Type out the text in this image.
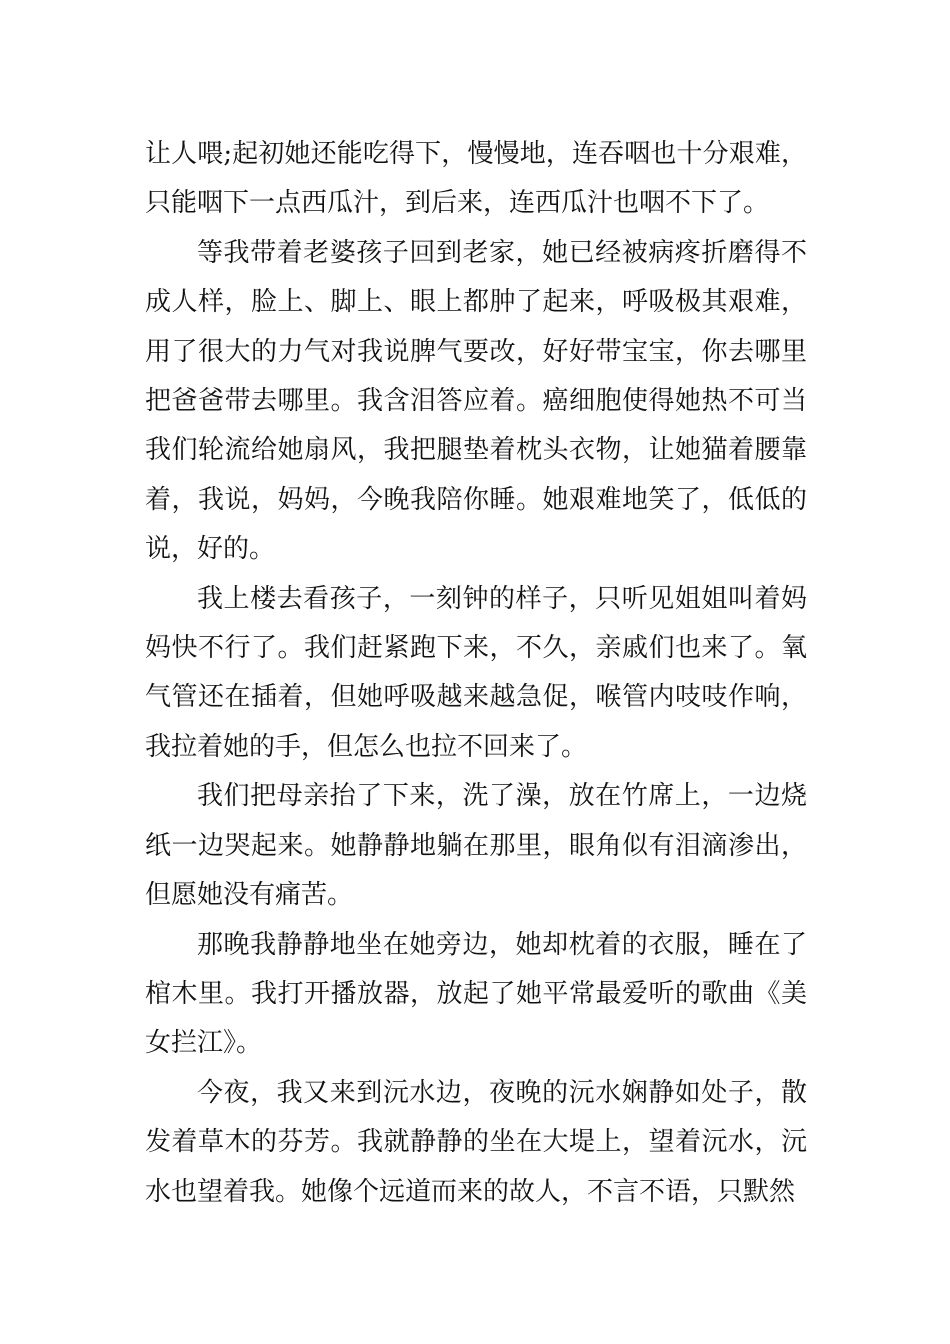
让人喂;起初她还能吃得下，慢慢地，连吞咽也十分艰难，只能咽下一点西瓜汁，到后来，连西瓜汁也咽不下了。

等我带着老婆孩子回到老家，她已经被病疼折磨得不成人样，脸上、脚上、眼上都肿了起来，呼吸极其艰难，用了很大的力气对我说脾气要改，好好带宝宝，你去哪里把爸爸带去哪里。我含泪答应着。癌细胞使得她热不可当我们轮流给她扇风，我把腿垫着枕头衣物，让她猫着腰靠着，我说，妈妈，今晚我陪你睡。她艰难地笑了，低低的说，好的。

我上楼去看孩子，一刻钟的样子，只听见姐姐叫着妈妈快不行了。我们赶紧跑下来，不久，亲戚们也来了。氧气管还在插着，但她呼吸越来越急促，喉管内吱吱作响，我拉着她的手，但怎么也拉不回来了。

我们把母亲抬了下来，洗了澡，放在竹席上，一边烧纸一边哭起来。她静静地躺在那里，眼角似有泪滴渗出，但愿她没有痛苦。

那晚我静静地坐在她旁边，她却枕着的衣服，睡在了棺木里。我打开播放器，放起了她平常最爱听的歌曲《美女拦江》。

今夜，我又来到沅水边，夜晚的沅水娴静如处子，散发着草木的芬芳。我就静静的坐在大堤上，望着沅水，沅水也望着我。她像个远道而来的故人，不言不语，只默然
